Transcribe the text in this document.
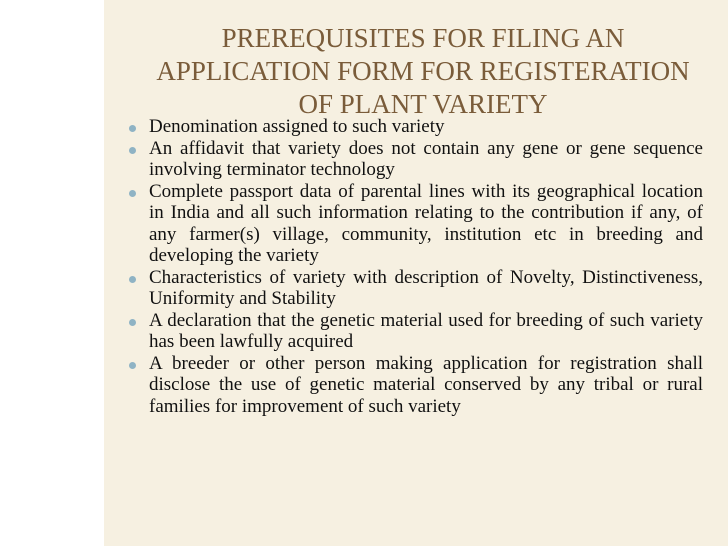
PREREQUISITES FOR FILING AN
APPLICATION FORM FOR REGISTERATION
OF PLANT VARIETY
Denomination assigned to such variety
An affidavit that variety does not contain any gene or gene sequence involving terminator technology
Complete passport data of parental lines with its geographical location in India and all such information relating to the contribution if any, of any farmer(s) village, community, institution etc in breeding and developing the variety
Characteristics of variety with description of Novelty, Distinctiveness, Uniformity and Stability
A declaration that the genetic material used for breeding of such variety has been lawfully acquired
A breeder or other person making application for registration shall disclose the use of genetic material conserved by any tribal or rural families for improvement of such variety
